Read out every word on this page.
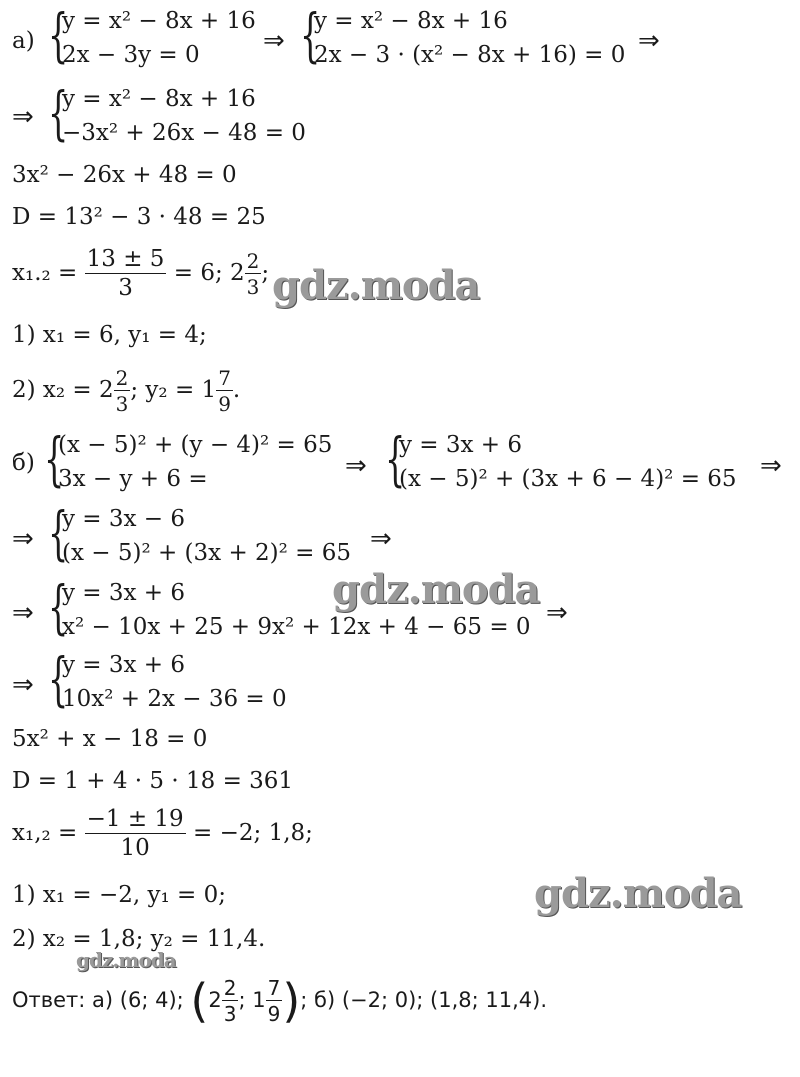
а) {
y = x² − 8x + 16
2x − 3y = 0 ⇒ {
y = x² − 8x + 16
2x − 3 · (x² − 8x + 16) = 0 ⇒
⇒ {
y = x² − 8x + 16
−3x² + 26x − 48 = 0
3x² − 26x + 48 = 0
D = 13² − 3 · 48 = 25
$x_1._2 = \frac{13 \pm 5}{3} = 6$; $2 \frac{2}{3}$ ;
1) x₁ = 6, y₁ = 4;
2) $x_2 = 2 \frac{2}{3}$ ; $y_2 = 1 \frac{7}{9}$ .
б) {
(x − 5)² + (y − 4)² = 65
3x − y + 6 =	⇒ {
y = 3x + 6
(x − 5)² + (3x + 6 − 4)² = 65 ⇒
⇒ {
y = 3x − 6
(x − 5)² + (3x + 2)² = 65 ⇒
⇒ {
y = 3x + 6
x² − 10x + 25 + 9x² + 12x + 4 − 65 = 0 ⇒
⇒ {
y = 3x + 6
10x² + 2x − 36 = 0
5x² + x − 18 = 0
D = 1 + 4 · 5 · 18 = 361
$x_1,_2 = \frac{-1 \pm 19}{10} = -2$; 1,8;
1) x₁ = −2, y₁ = 0;
2) x₂ = 1,8; y₂ = 11,4.
Ответ: а) (6; 4); ($2 \frac{2}{3}$ ; $1 \frac{7}{9}$ ); б) (−2; 0); (1,8; 11,4).
gdz.moda
gdz.moda
gdz.moda
gdz.moda
